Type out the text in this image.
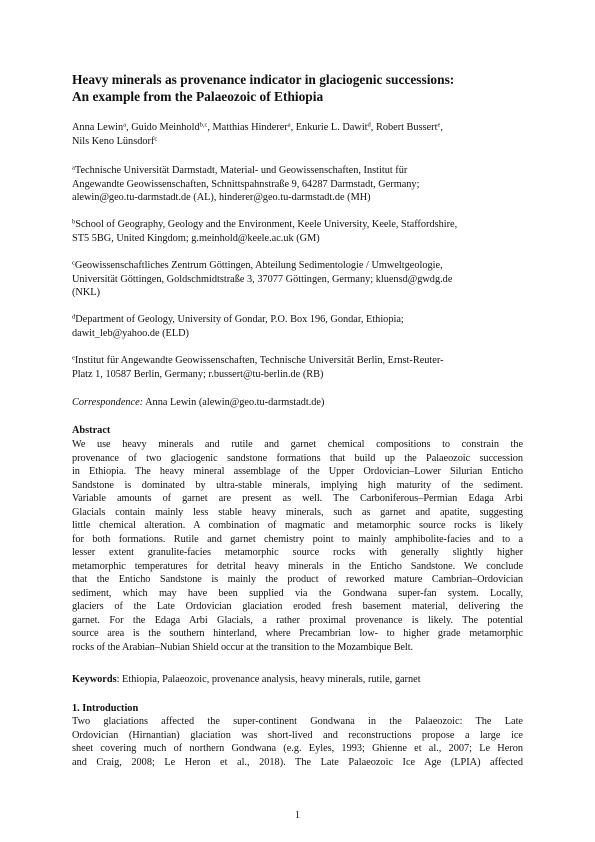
Heavy minerals as provenance indicator in glaciogenic successions:
An example from the Palaeozoic of Ethiopia
Anna Lewin$^a$, Guido Meinhold$^{b,c}$, Matthias Hinderer$^a$, Enkurie L. Dawit$^d$, Robert Bussert$^e$,
Nils Keno Lünsdorf$^c$
$^a$Technische Universität Darmstadt, Material- und Geowissenschaften, Institut für
Angewandte Geowissenschaften, Schnittspahnstraße 9, 64287 Darmstadt, Germany;
alewin@geo.tu-darmstadt.de (AL), hinderer@geo.tu-darmstadt.de (MH)
$^b$School of Geography, Geology and the Environment, Keele University, Keele, Staffordshire,
ST5 5BG, United Kingdom; g.meinhold@keele.ac.uk (GM)
$^c$Geowissenschaftliches Zentrum Göttingen, Abteilung Sedimentologie / Umweltgeologie,
Universität Göttingen, Goldschmidtstraße 3, 37077 Göttingen, Germany; kluensd@gwdg.de
(NKL)
$^d$Department of Geology, University of Gondar, P.O. Box 196, Gondar, Ethiopia;
dawit_leb@yahoo.de (ELD)
$^e$Institut für Angewandte Geowissenschaften, Technische Universität Berlin, Ernst-Reuter-
Platz 1, 10587 Berlin, Germany; r.bussert@tu-berlin.de (RB)
Correspondence: Anna Lewin (alewin@geo.tu-darmstadt.de)
Abstract
We use heavy minerals and rutile and garnet chemical compositions to constrain the
provenance of two glaciogenic sandstone formations that build up the Palaeozoic succession
in Ethiopia. The heavy mineral assemblage of the Upper Ordovician–Lower Silurian Enticho
Sandstone is dominated by ultra-stable minerals, implying high maturity of the sediment.
Variable amounts of garnet are present as well. The Carboniferous–Permian Edaga Arbi
Glacials contain mainly less stable heavy minerals, such as garnet and apatite, suggesting
little chemical alteration. A combination of magmatic and metamorphic source rocks is likely
for both formations. Rutile and garnet chemistry point to mainly amphibolite-facies and to a
lesser extent granulite-facies metamorphic source rocks with generally slightly higher
metamorphic temperatures for detrital heavy minerals in the Enticho Sandstone. We conclude
that the Enticho Sandstone is mainly the product of reworked mature Cambrian–Ordovician
sediment, which may have been supplied via the Gondwana super-fan system. Locally,
glaciers of the Late Ordovician glaciation eroded fresh basement material, delivering the
garnet. For the Edaga Arbi Glacials, a rather proximal provenance is likely. The potential
source area is the southern hinterland, where Precambrian low- to higher grade metamorphic
rocks of the Arabian–Nubian Shield occur at the transition to the Mozambique Belt.
Keywords: Ethiopia, Palaeozoic, provenance analysis, heavy minerals, rutile, garnet
1. Introduction
Two glaciations affected the super-continent Gondwana in the Palaeozoic: The Late
Ordovician (Hirnantian) glaciation was short-lived and reconstructions propose a large ice
sheet covering much of northern Gondwana (e.g. Eyles, 1993; Ghienne et al., 2007; Le Heron
and Craig, 2008; Le Heron et al., 2018). The Late Palaeozoic Ice Age (LPIA) affected
1
